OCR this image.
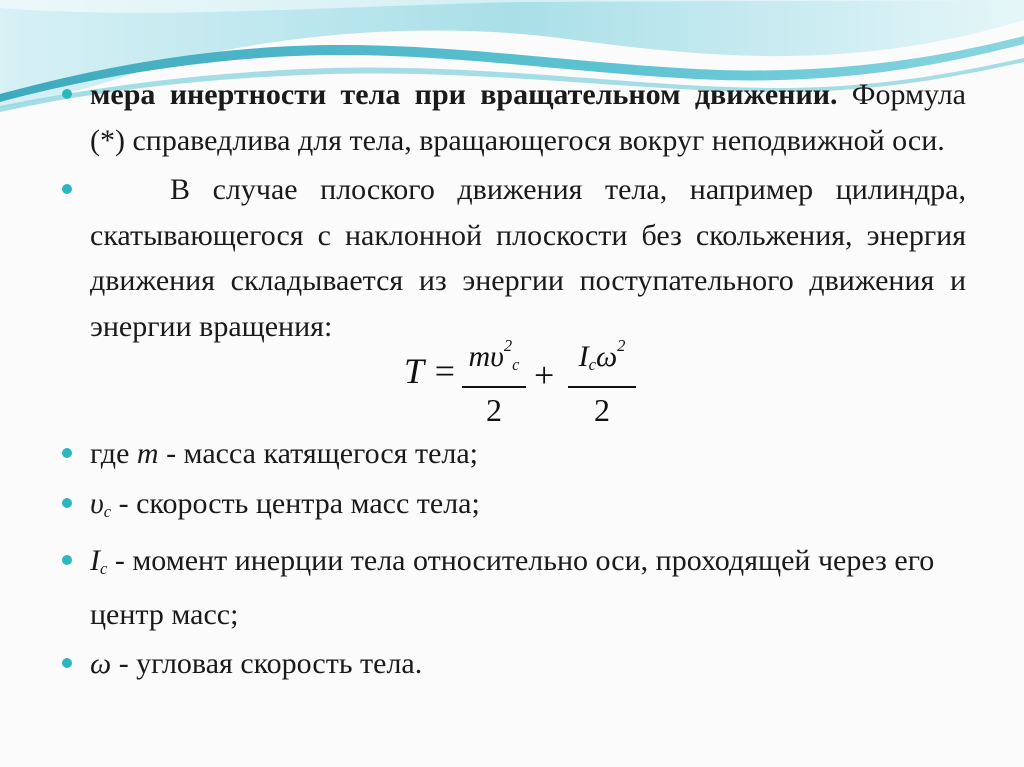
мера инертности тела при вращательном движении. Формула (*) справедлива для тела, вращающегося вокруг неподвижной оси.

В случае плоского движения тела, например цилиндра, скатывающегося с наклонной плоскости без скольжения, энергия движения складывается из энергии поступательного движения и энергии вращения:

$T = m\upsilon^2_c$
2
+ $I_c\omega^2$
2

где m - масса катящегося тела;

$\upsilon_c$ - скорость центра масс тела;

$I_c$ - момент инерции тела относительно оси, проходящей через его центр масс;

ω - угловая скорость тела.
